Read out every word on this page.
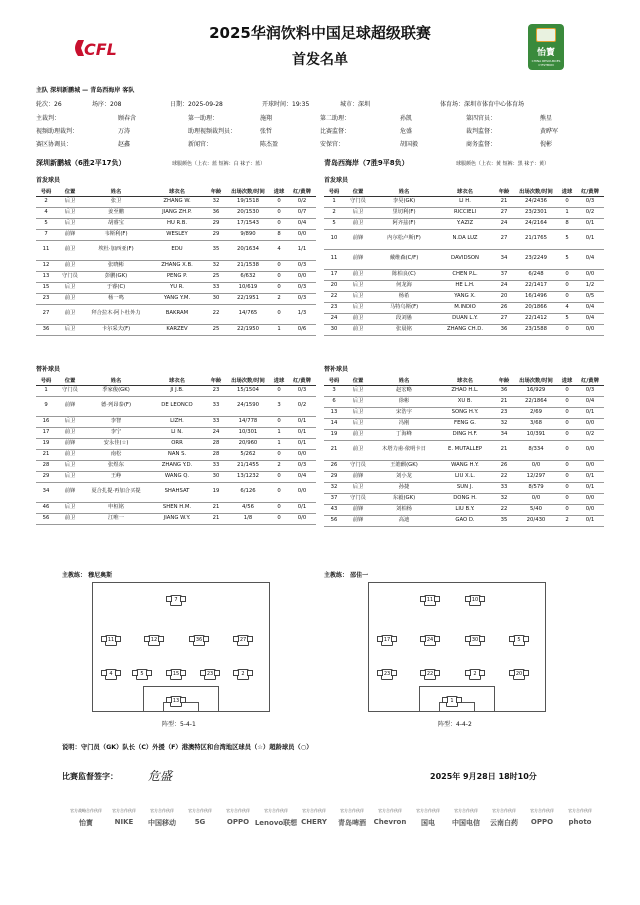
2025华润饮料中国足球超级联赛
首发名单
CFL	怡寳
CHINA RESOURCES C'ESTBON
主队 深圳新鹏城 — 青岛西海岸 客队
轮次：26	场序：208	日期：2025-09-28	开球时间：19:35	城市：深圳	体育场：深圳市体育中心体育场
主裁判：	顾春含	第一助理：	施翔	第二助理：	孙凯	第四官员：	熊星
视频助理裁判：	万涛	助理视频裁判员：	张哲	比赛监督：	危盛	裁判监督：	黄晔军
赛区协调员：	赵鑫	新闻官：	陈杰盈	安保官：	胡国毅	商务监督：	倪彬
深圳新鹏城（6胜2平17负）	球服颜色（上衣：蓝 短裤：白 袜子：蓝）	青岛西海岸（7胜9平8负）	球服颜色（上衣：黄 短裤：黑 袜子：黄）
首发球员	首发球员
号码	位置	姓名	球衣名	年龄	出场次数/时间	进球	红/黄牌
2	后卫	张卫	ZHANG W.	32	19/1518	0	0/2
4	后卫	姜至鹏	JIANG ZH.P.	36	20/1530	0	0/7
5	后卫	胡睿宝	HU R.B.	29	17/1543	0	0/4
7	前锋	韦斯利(F)	WESLEY	29	9/890	8	0/0
11	前卫	埃杜·加西亚(F)	EDU	35	20/1634	4	1/1
12	前卫	张晓彬	ZHANG X.B.	32	21/1538	0	0/3
13	守门员	彭鹏(GK)	PENG P.	25	6/632	0	0/0
15	后卫	于睿(C)	YU R.	33	10/619	0	0/3
23	前卫	杨一鸣	YANG Y.M.	30	22/1951	2	0/3
27	前卫	拜合拉木·阿卜杜外力	BAKRAM	22	14/765	0	1/3
36	后卫	卡尔采夫(F)	KARZEV	25	22/1950	1	0/6
号码	位置	姓名	球衣名	年龄	出场次数/时间	进球	红/黄牌
1	守门员	李昊(GK)	LI H.	21	24/2436	0	0/3
2	后卫	里切利(F)	RICCIELI	27	23/2301	1	0/2
5	前卫	阿齐兹(F)	Y.AZIZ	24	24/2164	8	0/1
10	前锋	内尔松卢斯(F)	N.DA LUZ	27	21/1765	5	0/1
11	前锋	戴维森(C/F)	DAVIDSON	34	23/2249	5	0/4
17	前卫	陈柏良(C)	CHEN P.L.	37	6/248	0	0/0
20	后卫	何龙海	HE L.H.	24	22/1417	0	1/2
22	后卫	杨希	YANG X.	20	16/1496	0	0/5
23	后卫	马特乌斯(F)	M.INDIO	26	20/1866	4	0/4
24	前卫	段刘愚	DUAN L.Y.	27	22/1412	5	0/4
30	前卫	张晨铭	ZHANG CH.D.	36	23/1588	0	0/0
替补球员	替补球员
号码	位置	姓名	球衣名	年龄	出场次数/时间	进球	红/黄牌
1	守门员	季家俊(GK)	JI J.B.	23	15/1504	0	0/3
9	前锋	德·列昂泰(F)	DE LEONCO	33	24/1590	3	0/2
16	后卫	李智	LIZH.	33	14/778	0	0/1
17	前卫	李宁	LI N.	24	10/301	1	0/1
19	前锋	安永佳(☆)	ORR	28	20/960	1	0/1
21	前卫	南松	NAN S.	28	5/262	0	0/0
28	后卫	张煜东	ZHANG Y.D.	33	21/1455	2	0/3
29	后卫	王峥	WANG Q.	30	13/1232	0	0/4
34	前锋	夏合扎提·再加合买提	SHAHSAT	19	6/126	0	0/0
46	后卫	申桓铭	SHEN H.M.	21	4/56	0	0/1
56	前卫	江唯一	JIANG W.Y.	21	1/8	0	0/0
号码	位置	姓名	球衣名	年龄	出场次数/时间	进球	红/黄牌
3	后卫	赵宏略	ZHAO H.L.	36	16/929	0	0/3
6	后卫	徐彬	XU B.	21	22/1864	0	0/4
13	后卫	宋浩宇	SONG H.Y.	23	2/69	0	0/1
14	后卫	冯刚	FENG G.	32	3/68	0	0/0
19	前卫	丁海峰	DING H.F.	34	10/391	0	0/2
21	前卫	木塔力甫·依明卡日	E. MUTALLEP	21	8/334	0	0/0
26	守门员	王皓麒(GK)	WANG H.Y.	26	0/0	0	0/0
29	前锋	刘小龙	LIU X.L.	22	12/297	0	0/1
32	后卫	孙捷	SUN J.	33	8/579	0	0/1
37	守门员	东毅(GK)	DONG H.	32	0/0	0	0/0
43	前锋	刘柏杨	LIU B.Y.	22	5/40	0	0/0
56	前锋	高迪	GAO D.	35	20/430	2	0/1
主教练： 穆尼奥斯	主教练： 邵佳一
7
11	12	36	27
4	5	15	23	2
13
阵型：5-4-1
11	10
17	24	30	5
23	22	2	20
1
阵型：4-4-2
说明：守门员（GK）队长（C）外援（F）港澳特区和台湾地区球员（☆）超龄球员（○）
比赛监督签字：	危盛	2025年 9月28日 18时10分
官方战略合作伙伴
怡寳
官方合作伙伴
NIKE
官方合作伙伴
中国移动
官方合作伙伴
5G
官方合作伙伴
OPPO
官方合作伙伴
Lenovo联想
官方合作伙伴
CHERY
官方合作伙伴
青岛啤酒
官方合作伙伴
Chevron
官方合作伙伴
国电
官方合作伙伴
中国电信
官方合作伙伴
云南白药
官方合作伙伴
OPPO
官方合作伙伴
photo
